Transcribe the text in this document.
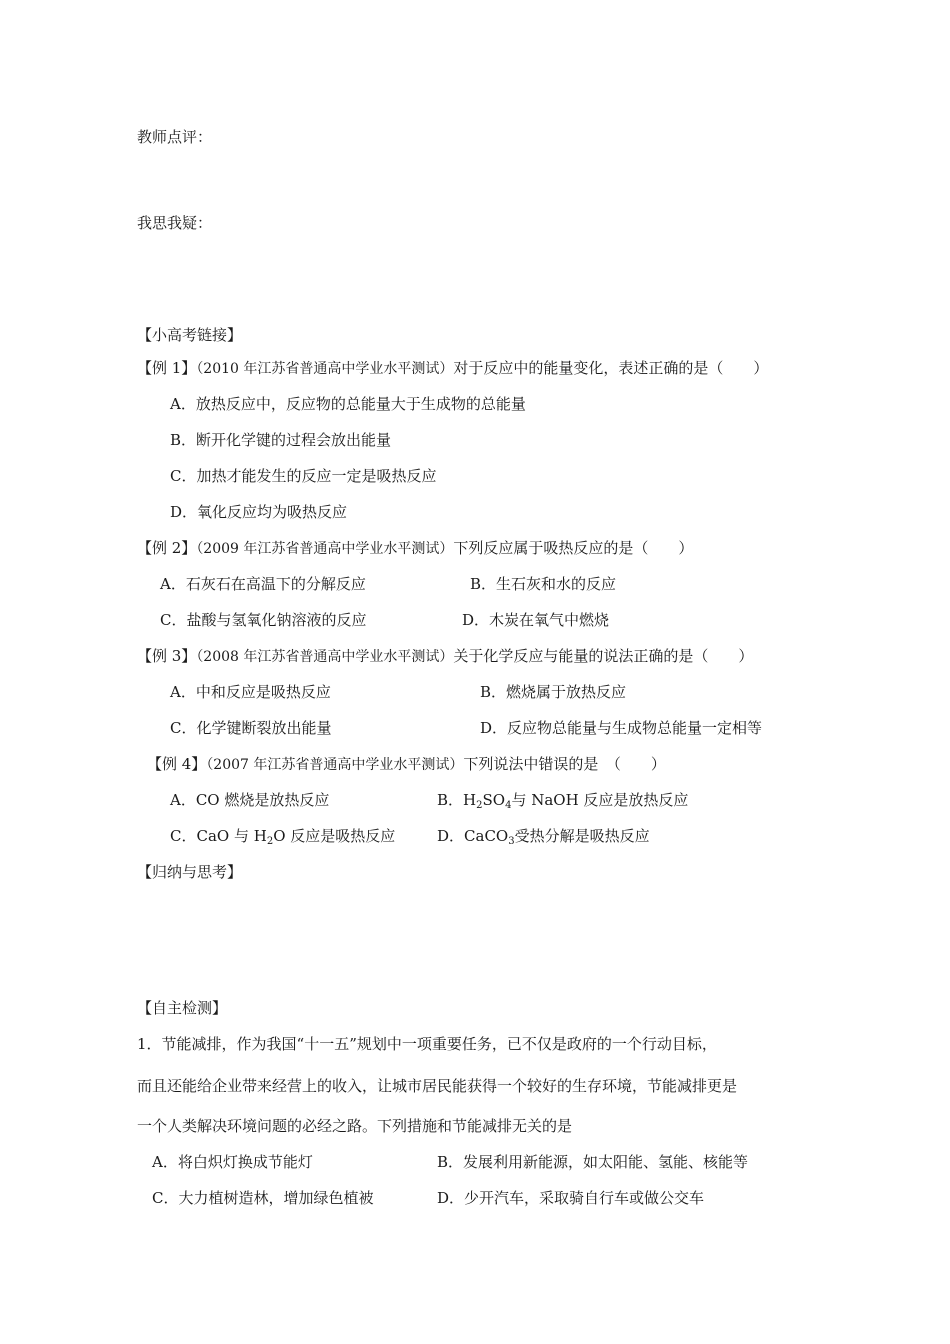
教师点评：
我思我疑：
【小高考链接】
【例 1】（2010 年江苏省普通高中学业水平测试）对于反应中的能量变化，表述正确的是（　　）
A．放热反应中，反应物的总能量大于生成物的总能量
B．断开化学键的过程会放出能量
C．加热才能发生的反应一定是吸热反应
D．氧化反应均为吸热反应
【例 2】（2009 年江苏省普通高中学业水平测试）下列反应属于吸热反应的是（　　）
A．石灰石在高温下的分解反应	B．生石灰和水的反应
C．盐酸与氢氧化钠溶液的反应	D．木炭在氧气中燃烧
【例 3】（2008 年江苏省普通高中学业水平测试）关于化学反应与能量的说法正确的是（　　）
A．中和反应是吸热反应	B．燃烧属于放热反应
C．化学键断裂放出能量	D．反应物总能量与生成物总能量一定相等
【例 4】（2007 年江苏省普通高中学业水平测试）下列说法中错误的是　（　　）
A．CO 燃烧是放热反应	B．$H_2SO_4$与 NaOH 反应是放热反应
C．CaO 与 $H_2O$ 反应是吸热反应	D．CaCO$_3$受热分解是吸热反应
【归纳与思考】
【自主检测】
1．节能减排，作为我国“十一五”规划中一项重要任务，已不仅是政府的一个行动目标，
而且还能给企业带来经营上的收入，让城市居民能获得一个较好的生存环境，节能减排更是
一个人类解决环境问题的必经之路。下列措施和节能减排无关的是
A．将白炽灯换成节能灯	B．发展利用新能源，如太阳能、氢能、核能等
C．大力植树造林，增加绿色植被	D．少开汽车，采取骑自行车或做公交车
